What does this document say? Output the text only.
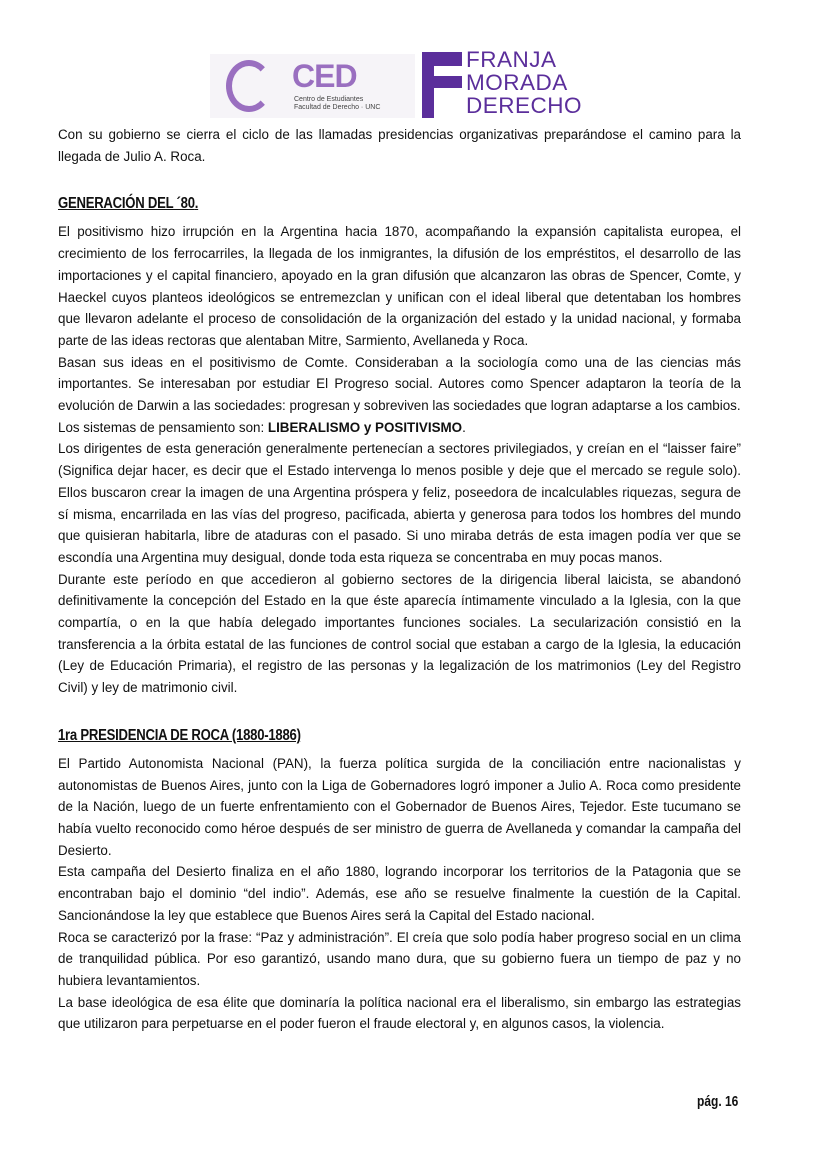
CED
Centro de Estudiantes
Facultad de Derecho · UNC
FRANJA
MORADA
DERECHO

Con su gobierno se cierra el ciclo de las llamadas presidencias organizativas preparándose el camino para la llegada de Julio A. Roca.

GENERACIÓN DEL ´80.

El positivismo hizo irrupción en la Argentina hacia 1870, acompañando la expansión capitalista europea, el crecimiento de los ferrocarriles, la llegada de los inmigrantes, la difusión de los empréstitos, el desarrollo de las importaciones y el capital financiero, apoyado en la gran difusión que alcanzaron las obras de Spencer, Comte, y Haeckel cuyos planteos ideológicos se entremezclan y unifican con el ideal liberal que detentaban los hombres que llevaron adelante el proceso de consolidación de la organización del estado y la unidad nacional, y formaba parte de las ideas rectoras que alentaban Mitre, Sarmiento, Avellaneda y Roca.

Basan sus ideas en el positivismo de Comte. Consideraban a la sociología como una de las ciencias más importantes. Se interesaban por estudiar El Progreso social. Autores como Spencer adaptaron la teoría de la evolución de Darwin a las sociedades: progresan y sobreviven las sociedades que logran adaptarse a los cambios.

Los sistemas de pensamiento son: LIBERALISMO y POSITIVISMO.

Los dirigentes de esta generación generalmente pertenecían a sectores privilegiados, y creían en el “laisser faire” (Significa dejar hacer, es decir que el Estado intervenga lo menos posible y deje que el mercado se regule solo). Ellos buscaron crear la imagen de una Argentina próspera y feliz, poseedora de incalculables riquezas, segura de sí misma, encarrilada en las vías del progreso, pacificada, abierta y generosa para todos los hombres del mundo que quisieran habitarla, libre de ataduras con el pasado. Si uno miraba detrás de esta imagen podía ver que se escondía una Argentina muy desigual, donde toda esta riqueza se concentraba en muy pocas manos.

Durante este período en que accedieron al gobierno sectores de la dirigencia liberal laicista, se abandonó definitivamente la concepción del Estado en la que éste aparecía íntimamente vinculado a la Iglesia, con la que compartía, o en la que había delegado importantes funciones sociales. La secularización consistió en la transferencia a la órbita estatal de las funciones de control social que estaban a cargo de la Iglesia, la educación (Ley de Educación Primaria), el registro de las personas y la legalización de los matrimonios (Ley del Registro Civil) y ley de matrimonio civil.

1ra PRESIDENCIA DE ROCA (1880-1886)

El Partido Autonomista Nacional (PAN), la fuerza política surgida de la conciliación entre nacionalistas y autonomistas de Buenos Aires, junto con la Liga de Gobernadores logró imponer a Julio A. Roca como presidente de la Nación, luego de un fuerte enfrentamiento con el Gobernador de Buenos Aires, Tejedor. Este tucumano se había vuelto reconocido como héroe después de ser ministro de guerra de Avellaneda y comandar la campaña del Desierto.

Esta campaña del Desierto finaliza en el año 1880, logrando incorporar los territorios de la Patagonia que se encontraban bajo el dominio “del indio”. Además, ese año se resuelve finalmente la cuestión de la Capital. Sancionándose la ley que establece que Buenos Aires será la Capital del Estado nacional.

Roca se caracterizó por la frase: “Paz y administración”. El creía que solo podía haber progreso social en un clima de tranquilidad pública. Por eso garantizó, usando mano dura, que su gobierno fuera un tiempo de paz y no hubiera levantamientos.

La base ideológica de esa élite que dominaría la política nacional era el liberalismo, sin embargo las estrategias que utilizaron para perpetuarse en el poder fueron el fraude electoral y, en algunos casos, la violencia.

pág. 16
